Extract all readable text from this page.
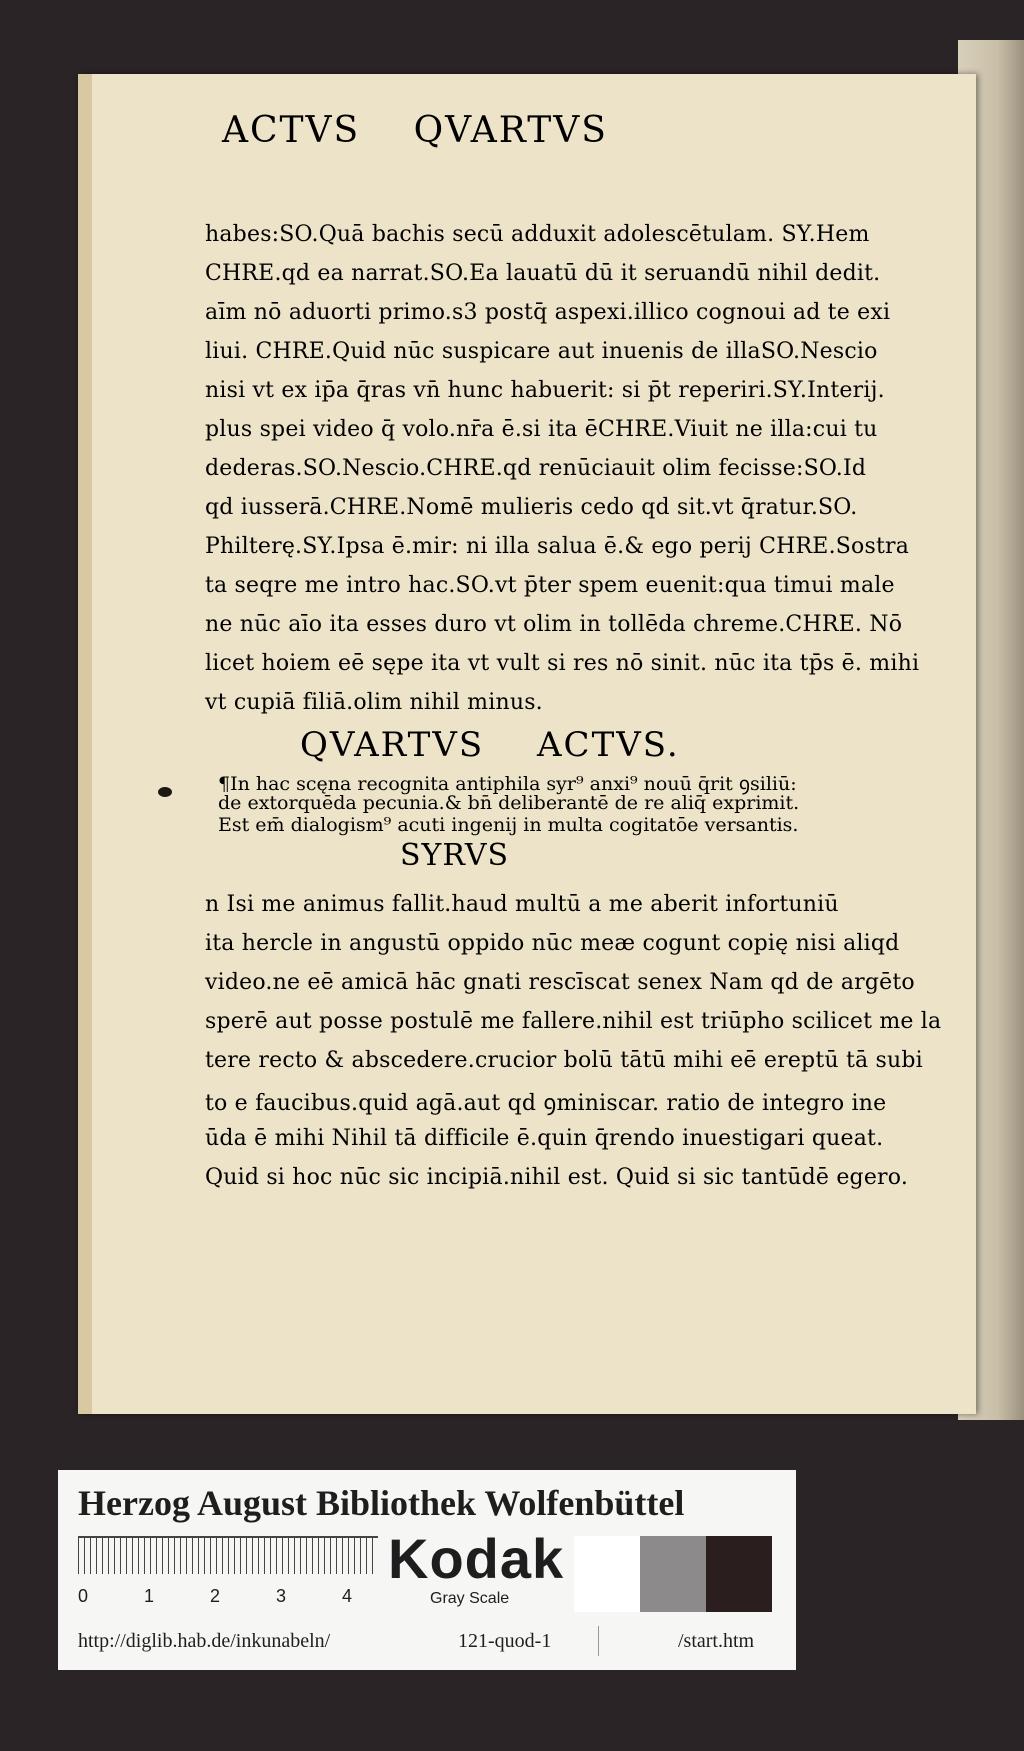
ACTVS QVARTVS
habes:SO.Quā bachis secū adduxit adolescētulam. SY.Hem
CHRE.qd ea narrat.SO.Ea lauatū dū it seruandū nihil dedit.
aīm nō aduorti primo.s3 postq̄ aspexi.illico cognoui ad te exi
liui. CHRE.Quid nūc suspicare aut inuenis de illaSO.Nescio
nisi vt ex ip̄a q̄ras vn̄ hunc habuerit: si p̄t reperiri.SY.Interij.
plus spei video q̄ volo.nr̄a ē.si ita ēCHRE.Viuit ne illa:cui tu
dederas.SO.Nescio.CHRE.qd renūciauit olim fecisse:SO.Id
qd iusserā.CHRE.Nomē mulieris cedo qd sit.vt q̄ratur.SO.
Philterę.SY.Ipsa ē.mir: ni illa salua ē.& ego perij CHRE.Sostra
ta seqre me intro hac.SO.vt p̄ter spem euenit:qua timui male
ne nūc aīo ita esses duro vt olim in tollēda chreme.CHRE. Nō
licet hoiem eē sępe ita vt vult si res nō sinit. nūc ita tp̄s ē. mihi
vt cupiā filiā.olim nihil minus.
QVARTVS ACTVS.
¶In hac scęna recognita antiphila syr⁹ anxi⁹ nouū q̄rit ꝯsiliū:
de extorquēda pecunia.& bn̄ deliberantē de re aliq̄ exprimit.
Est em̄ dialogism⁹ acuti ingenij in multa cogitatōe versantis.
SYRVS
n Isi me animus fallit.haud multū a me aberit infortuniū
ita hercle in angustū oppido nūc meæ cogunt copię nisi aliqd
video.ne eē amicā hāc gnati rescīscat senex Nam qd de argēto
sperē aut posse postulē me fallere.nihil est triūpho scilicet me la
tere recto & abscedere.crucior bolū tātū mihi eē ereptū tā subi
to e faucibus.quid agā.aut qd ꝯminiscar. ratio de integro ine
ūda ē mihi Nihil tā difficile ē.quin q̄rendo inuestigari queat.
Quid si hoc nūc sic incipiā.nihil est. Quid si sic tantūdē egero.
Herzog August Bibliothek Wolfenbüttel
0	1	2	3	4
Kodak
Gray Scale
http://diglib.hab.de/inkunabeln/	121-quod-1	/start.htm
